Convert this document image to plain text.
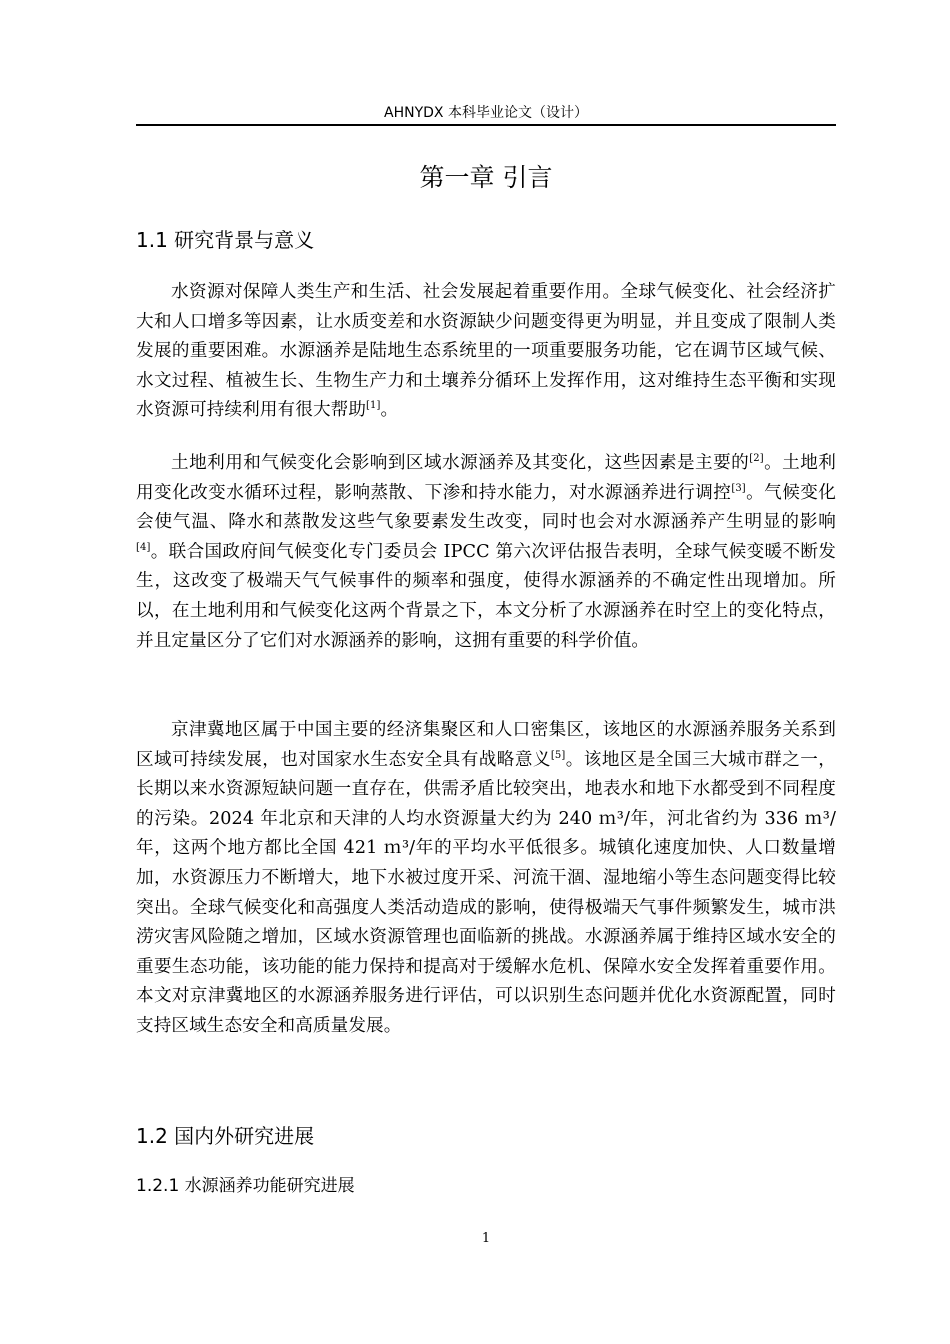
AHNYDX 本科毕业论文（设计）
第一章 引言
1.1 研究背景与意义
水资源对保障人类生产和生活、社会发展起着重要作用。全球气候变化、社会经济扩大和人口增多等因素，让水质变差和水资源缺少问题变得更为明显，并且变成了限制人类发展的重要困难。水源涵养是陆地生态系统里的一项重要服务功能，它在调节区域气候、水文过程、植被生长、生物生产力和土壤养分循环上发挥作用，这对维持生态平衡和实现水资源可持续利用有很大帮助[1]。
土地利用和气候变化会影响到区域水源涵养及其变化，这些因素是主要的[2]。土地利用变化改变水循环过程，影响蒸散、下渗和持水能力，对水源涵养进行调控[3]。气候变化会使气温、降水和蒸散发这些气象要素发生改变，同时也会对水源涵养产生明显的影响[4]。联合国政府间气候变化专门委员会 IPCC 第六次评估报告表明，全球气候变暖不断发生，这改变了极端天气气候事件的频率和强度，使得水源涵养的不确定性出现增加。所以，在土地利用和气候变化这两个背景之下，本文分析了水源涵养在时空上的变化特点，并且定量区分了它们对水源涵养的影响，这拥有重要的科学价值。
京津冀地区属于中国主要的经济集聚区和人口密集区，该地区的水源涵养服务关系到区域可持续发展，也对国家水生态安全具有战略意义[5]。该地区是全国三大城市群之一，长期以来水资源短缺问题一直存在，供需矛盾比较突出，地表水和地下水都受到不同程度的污染。2024 年北京和天津的人均水资源量大约为 240 ｍ³/年，河北省约为 336 ｍ³/年，这两个地方都比全国 421 ｍ³/年的平均水平低很多。城镇化速度加快、人口数量增加，水资源压力不断增大，地下水被过度开采、河流干涸、湿地缩小等生态问题变得比较突出。全球气候变化和高强度人类活动造成的影响，使得极端天气事件频繁发生，城市洪涝灾害风险随之增加，区域水资源管理也面临新的挑战。水源涵养属于维持区域水安全的重要生态功能，该功能的能力保持和提高对于缓解水危机、保障水安全发挥着重要作用。本文对京津冀地区的水源涵养服务进行评估，可以识别生态问题并优化水资源配置，同时支持区域生态安全和高质量发展。
1.2 国内外研究进展
1.2.1 水源涵养功能研究进展
1
